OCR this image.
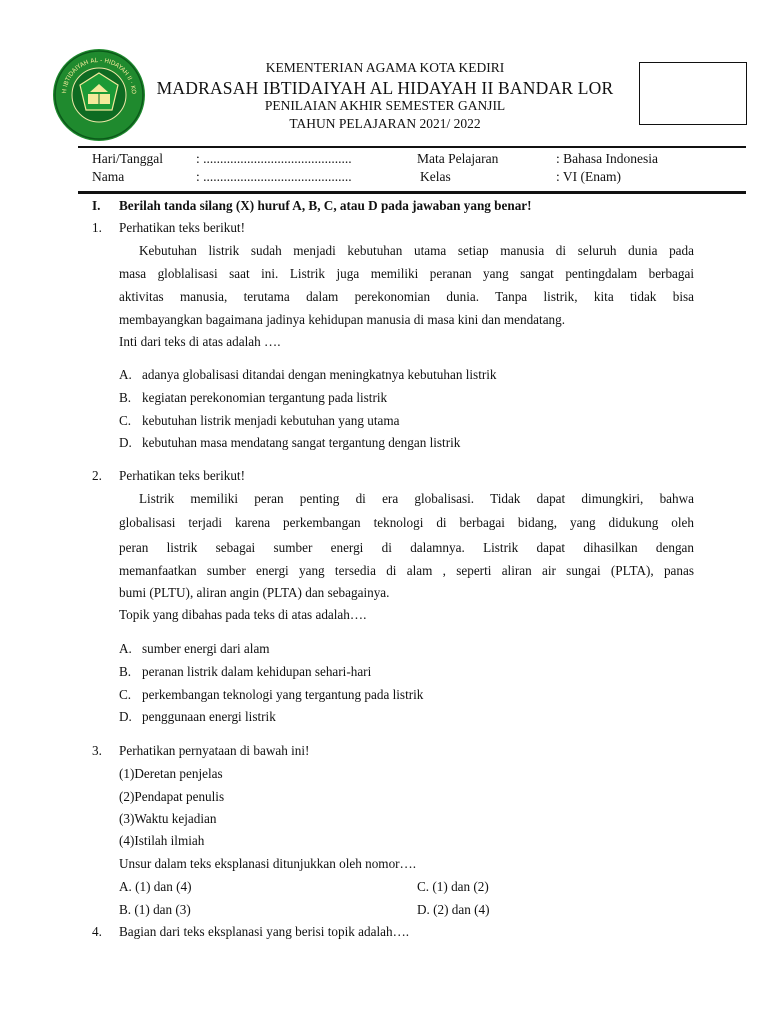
H IBTIDAIYAH AL - HIDAYAH II · KO
KEMENTERIAN AGAMA KOTA KEDIRI
MADRASAH IBTIDAIYAH AL HIDAYAH II BANDAR LOR
PENILAIAN AKHIR SEMESTER GANJIL
TAHUN PELAJARAN 2021/ 2022
Hari/Tanggal : ............................................	Mata Pelajaran	: Bahasa Indonesia
Nama	: ............................................	Kelas	: VI (Enam)
I. Berilah tanda silang (X) huruf A, B, C, atau D pada jawaban yang benar!
1. Perhatikan teks berikut!
Kebutuhan listrik sudah menjadi kebutuhan utama setiap manusia di seluruh dunia pada
masa globlalisasi saat ini. Listrik juga memiliki peranan yang sangat pentingdalam berbagai
aktivitas manusia, terutama dalam perekonomian dunia. Tanpa listrik, kita tidak bisa
membayangkan bagaimana jadinya kehidupan manusia di masa kini dan mendatang.
Inti dari teks di atas adalah ….
A. adanya globalisasi ditandai dengan meningkatnya kebutuhan listrik
B. kegiatan perekonomian tergantung pada listrik
C. kebutuhan listrik menjadi kebutuhan yang utama
D. kebutuhan masa mendatang sangat tergantung dengan listrik
2. Perhatikan teks berikut!
Listrik memiliki peran penting di era globalisasi. Tidak dapat dimungkiri, bahwa
globalisasi terjadi karena perkembangan teknologi di berbagai bidang, yang didukung oleh
peran listrik sebagai sumber energi di dalamnya. Listrik dapat dihasilkan dengan
memanfaatkan sumber energi yang tersedia di alam , seperti aliran air sungai (PLTA), panas
bumi (PLTU), aliran angin (PLTA) dan sebagainya.
Topik yang dibahas pada teks di atas adalah….
A. sumber energi dari alam
B. peranan listrik dalam kehidupan sehari-hari
C. perkembangan teknologi yang tergantung pada listrik
D. penggunaan energi listrik
3. Perhatikan pernyataan di bawah ini!
(1)Deretan penjelas
(2)Pendapat penulis
(3)Waktu kejadian
(4)Istilah ilmiah
Unsur dalam teks eksplanasi ditunjukkan oleh nomor….
A. (1) dan (4)	C. (1) dan (2)
B. (1) dan (3)	D. (2) dan (4)
4. Bagian dari teks eksplanasi yang berisi topik adalah….
